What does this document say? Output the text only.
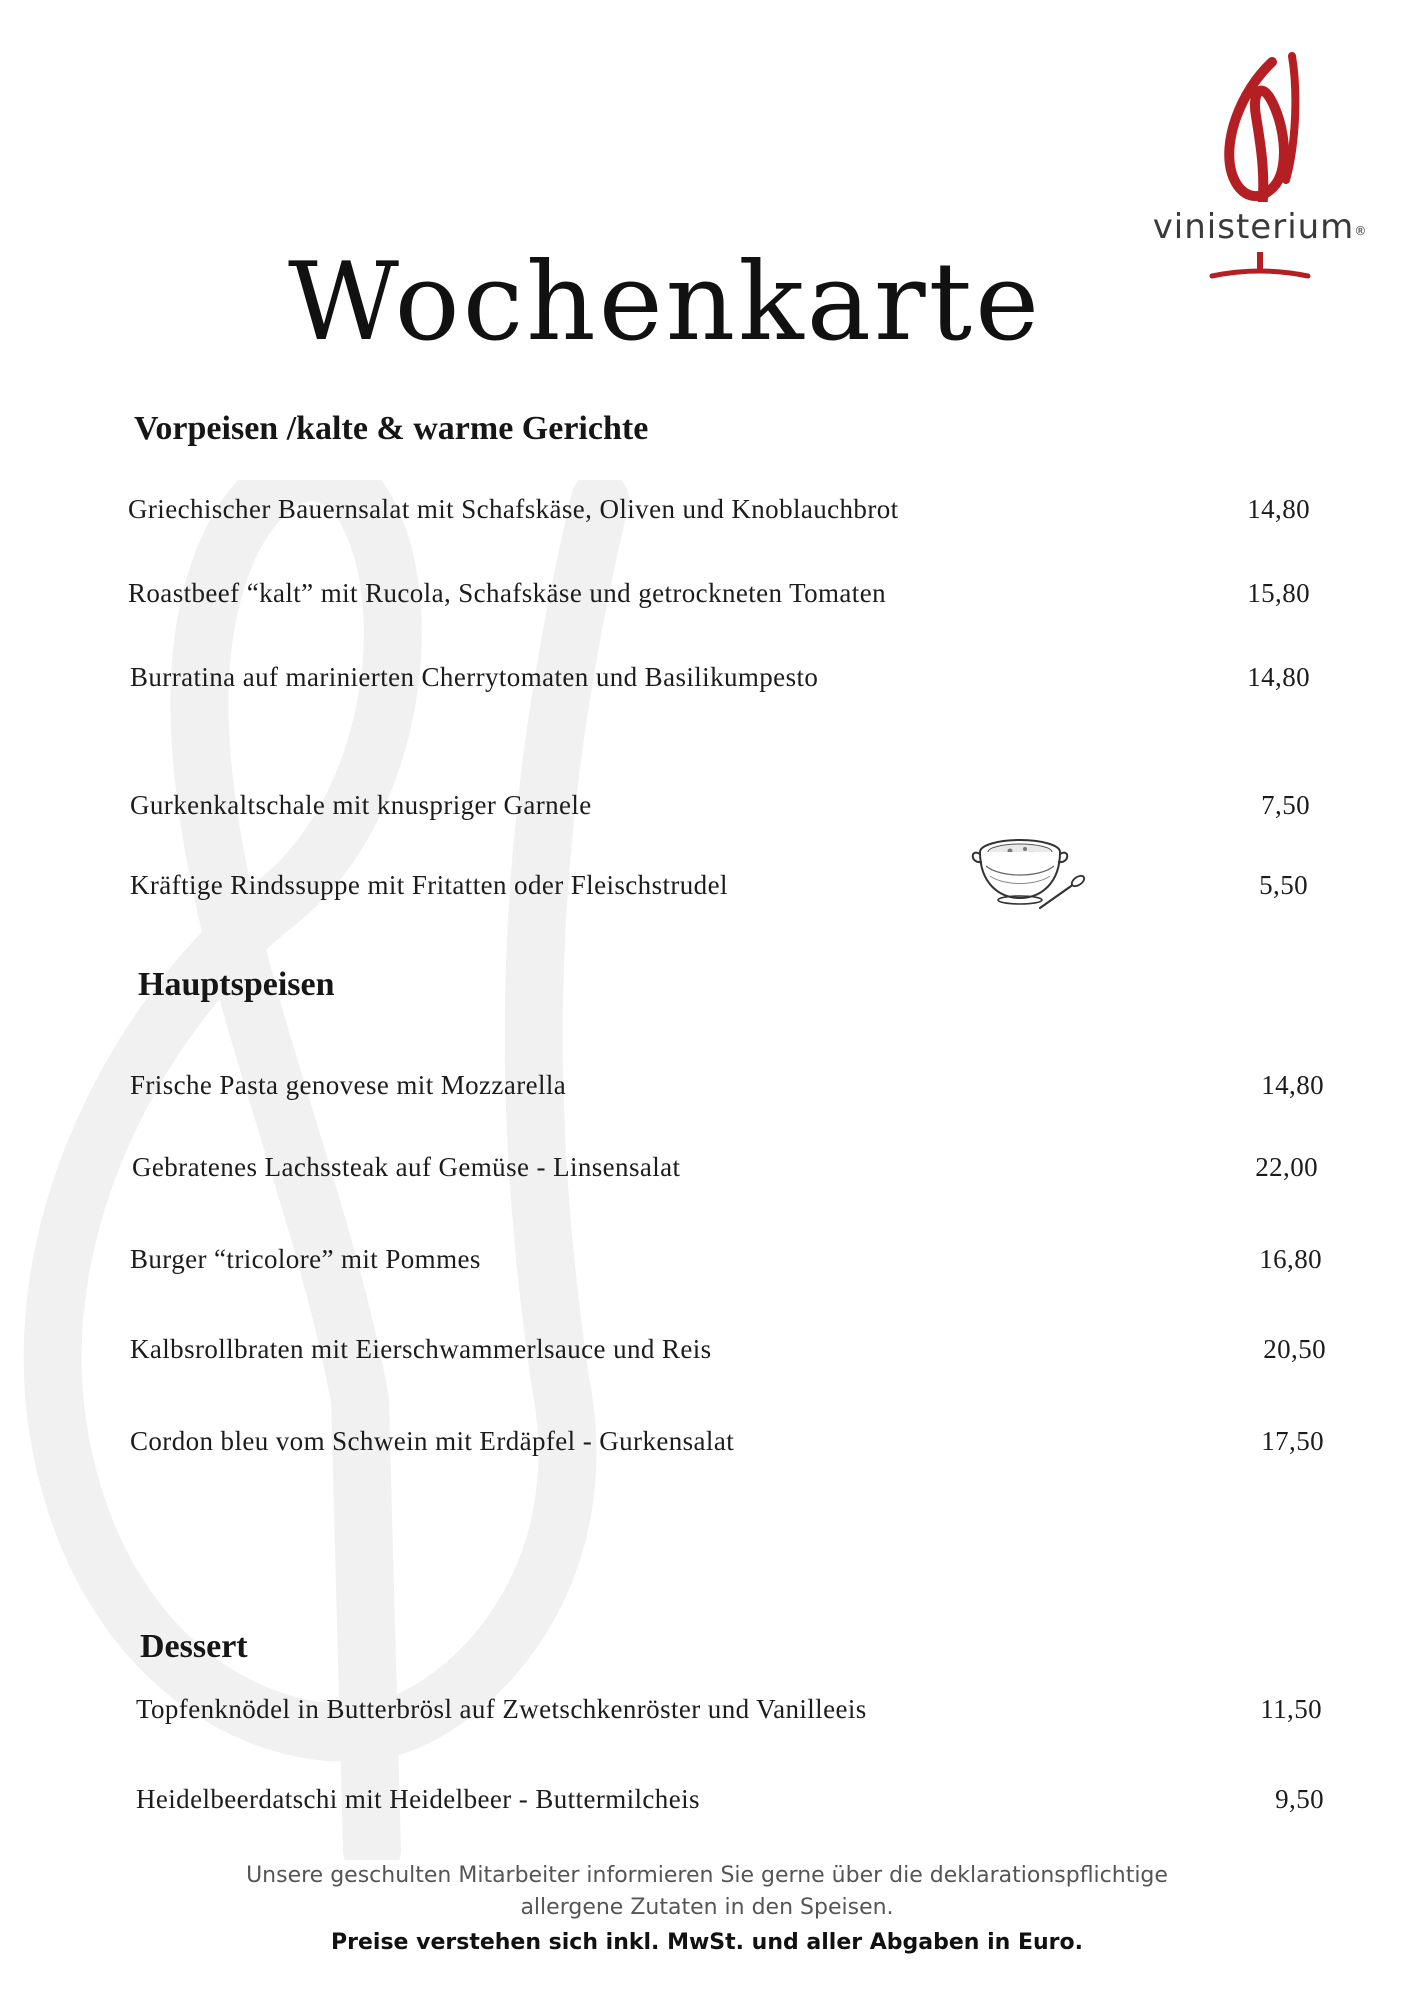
vinisterium®
Wochenkarte
Vorpeisen /kalte & warme Gerichte
Griechischer Bauernsalat mit Schafskäse, Oliven und Knoblauchbrot	14,80
Roastbeef “kalt” mit Rucola, Schafskäse und getrockneten Tomaten	15,80
Burratina auf marinierten Cherrytomaten und Basilikumpesto	14,80
Gurkenkaltschale mit knuspriger Garnele	7,50
Kräftige Rindssuppe mit Fritatten oder Fleischstrudel	5,50
Hauptspeisen
Frische Pasta genovese mit Mozzarella	14,80
Gebratenes Lachssteak auf Gemüse - Linsensalat	22,00
Burger “tricolore” mit Pommes	16,80
Kalbsrollbraten mit Eierschwammerlsauce und Reis	20,50
Cordon bleu vom Schwein mit Erdäpfel - Gurkensalat	17,50
Dessert
Topfenknödel in Butterbrösl auf Zwetschkenröster und Vanilleeis	11,50
Heidelbeerdatschi mit Heidelbeer - Buttermilcheis	9,50
Unsere geschulten Mitarbeiter informieren Sie gerne über die deklarationspflichtige
allergene Zutaten in den Speisen.
Preise verstehen sich inkl. MwSt. und aller Abgaben in Euro.
